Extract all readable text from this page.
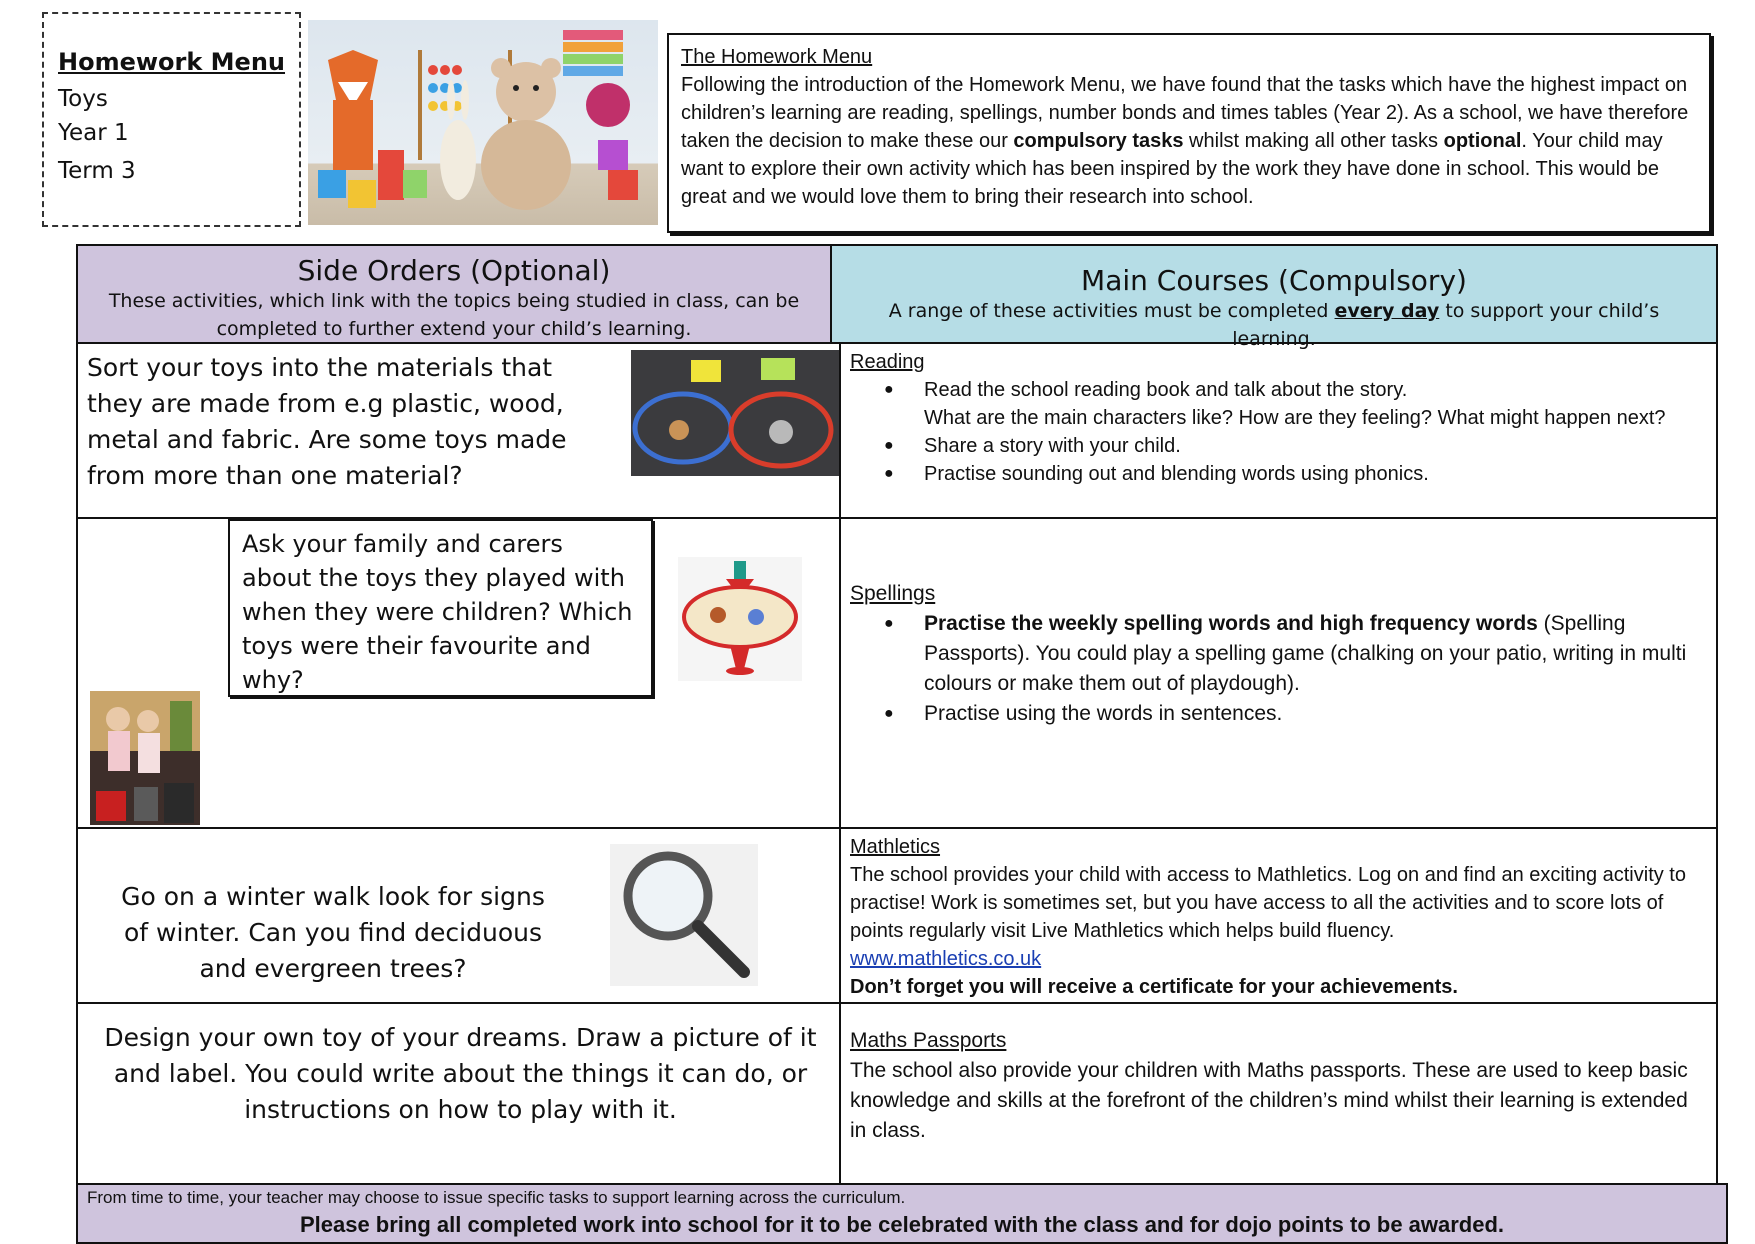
Homework Menu
Toys
Year 1
Term 3
The Homework Menu
Following the introduction of the Homework Menu, we have found that the tasks which have the highest impact on children’s learning are reading, spellings, number bonds and times tables (Year 2). As a school, we have therefore taken the decision to make these our compulsory tasks whilst making all other tasks optional. Your child may want to explore their own activity which has been inspired by the work they have done in school. This would be great and we would love them to bring their research into school.
Side Orders (Optional)
These activities, which link with the topics being studied in class, can be completed to further extend your child’s learning.
Main Courses (Compulsory)
A range of these activities must be completed every day to support your child’s learning.
Sort your toys into the materials that they are made from e.g plastic, wood, metal and fabric. Are some toys made from more than one material?
Reading
● Read the school reading book and talk about the story.
What are the main characters like? How are they feeling? What might happen next?
● Share a story with your child.
● Practise sounding out and blending words using phonics.
Ask your family and carers about the toys they played with when they were children? Which toys were their favourite and why?
Spellings
● Practise the weekly spelling words and high frequency words (Spelling Passports). You could play a spelling game (chalking on your patio, writing in multi colours or make them out of playdough).
● Practise using the words in sentences.
Go on a winter walk look for signs of winter. Can you find deciduous and evergreen trees?
Mathletics
The school provides your child with access to Mathletics. Log on and find an exciting activity to practise! Work is sometimes set, but you have access to all the activities and to score lots of points regularly visit Live Mathletics which helps build fluency.
www.mathletics.co.uk
Don’t forget you will receive a certificate for your achievements.
Design your own toy of your dreams. Draw a picture of it and label. You could write about the things it can do, or instructions on how to play with it.
Maths Passports
The school also provide your children with Maths passports. These are used to keep basic knowledge and skills at the forefront of the children’s mind whilst their learning is extended in class.
From time to time, your teacher may choose to issue specific tasks to support learning across the curriculum.
Please bring all completed work into school for it to be celebrated with the class and for dojo points to be awarded.
